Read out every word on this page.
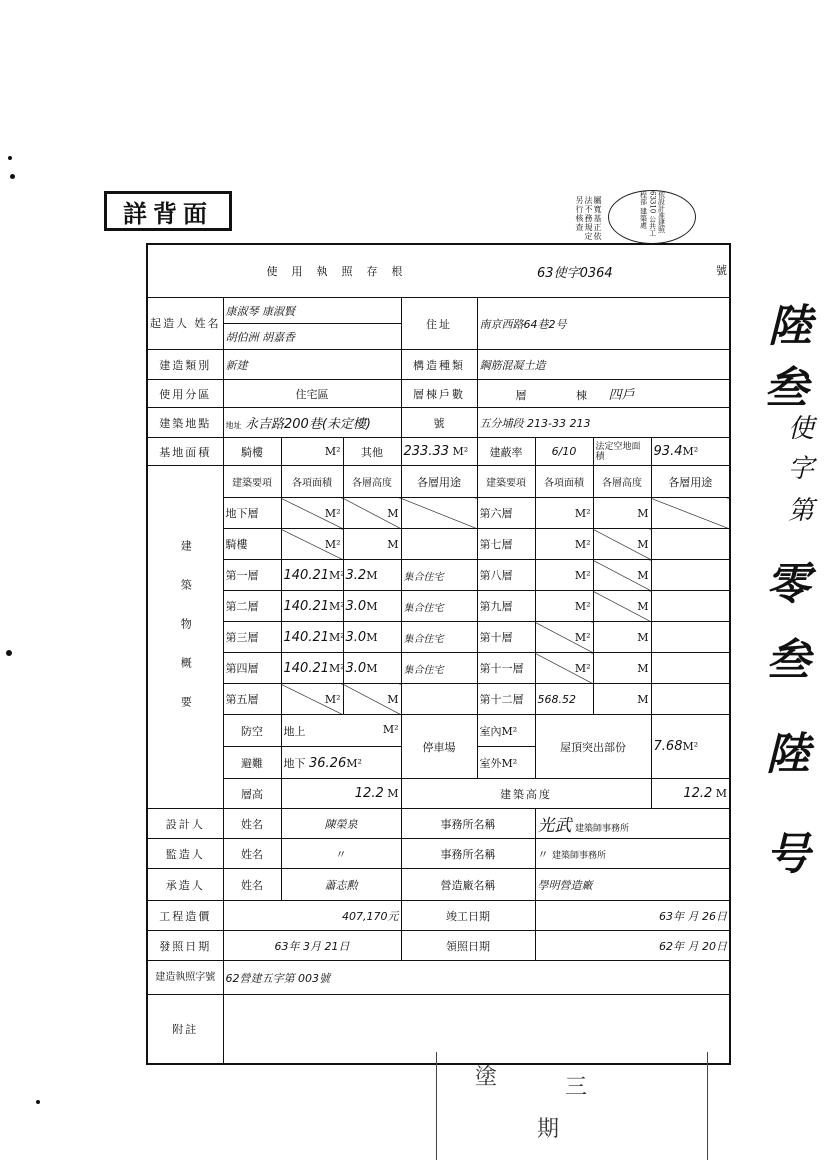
詳背面	屬寬基正依法不務規定另行核查	依設計准建照 63310 公共工程部 建築處
陸
叁
使
字
第
零
叁
陸
号
使用執照存根						63使字0364 號		

起造人 姓名	康淑琴 康淑賢			住址	南京西路64巷2号			
	胡伯洲 胡嘉香							
建造類別	新建			構造種類	鋼筋混凝土造			
使用分區	住宅區			層棟戶數	層 棟 四戶			
建築地點	地址 永吉路200巷(未定樓)			號	五分埔段 213-33 213			
基地面積	騎樓	M²	其他	233.33 M²	建蔽率	6/10	法定空地面積	93.4M²
建築物概要	建築要項	各項面積	各層高度	各層用途	建築要項	各項面積	各層高度	各層用途
	地下層	M²	M		第六層	M²	M	
	騎樓	M²	M		第七層	M²	M	
	第一層	140.21M²	3.2M	集合住宅	第八層	M²	M	
	第二層	140.21M²	3.0M	集合住宅	第九層	M²	M	
	第三層	140.21M²	3.0M	集合住宅	第十層	M²	M	
	第四層	140.21M²	3.0M	集合住宅	第十一層	M²	M	
	第五層	M²	M		第十二層	568.52	M	
	防空	地上 M²		停車場	室內M²	屋頂突出部份		7.68M²
	避難	地下 36.26M²			室外M²			
	層高	12.2 M		建築高度				12.2 M
設計人	姓名	陳榮泉		事務所名稱		光武 建築師事務所		
監造人	姓名	〃		事務所名稱		〃 建築師事務所		
承造人	姓名	蕭志勲		營造廠名稱		學明營造廠		
工程造價	407,170元			竣工日期		63年 月 26日		
發照日期	63年 3月 21日			領照日期		62年 月 20日		
建造執照字號	62營建五字第 003號							
附註								
塗	三
期
